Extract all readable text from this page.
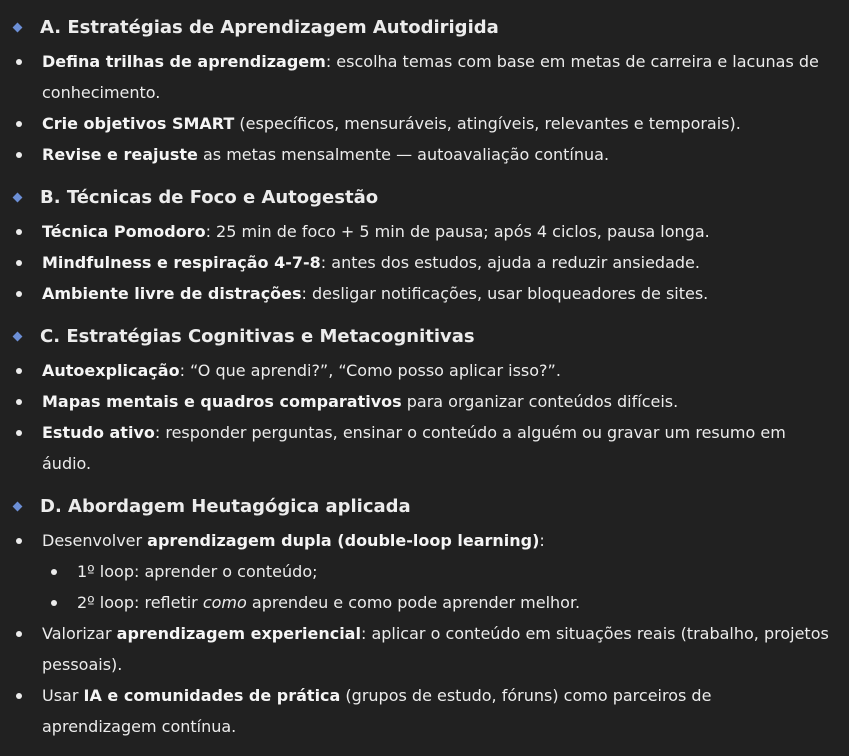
A. Estratégias de Aprendizagem Autodirigida
Defina trilhas de aprendizagem: escolha temas com base em metas de carreira e lacunas de conhecimento.
Crie objetivos SMART (específicos, mensuráveis, atingíveis, relevantes e temporais).
Revise e reajuste as metas mensalmente — autoavaliação contínua.
B. Técnicas de Foco e Autogestão
Técnica Pomodoro: 25 min de foco + 5 min de pausa; após 4 ciclos, pausa longa.
Mindfulness e respiração 4-7-8: antes dos estudos, ajuda a reduzir ansiedade.
Ambiente livre de distrações: desligar notificações, usar bloqueadores de sites.
C. Estratégias Cognitivas e Metacognitivas
Autoexplicação: “O que aprendi?”, “Como posso aplicar isso?”.
Mapas mentais e quadros comparativos para organizar conteúdos difíceis.
Estudo ativo: responder perguntas, ensinar o conteúdo a alguém ou gravar um resumo em áudio.
D. Abordagem Heutagógica aplicada
Desenvolver aprendizagem dupla (double-loop learning):
1º loop: aprender o conteúdo;
2º loop: refletir como aprendeu e como pode aprender melhor.
Valorizar aprendizagem experiencial: aplicar o conteúdo em situações reais (trabalho, projetos pessoais).
Usar IA e comunidades de prática (grupos de estudo, fóruns) como parceiros de aprendizagem contínua.
